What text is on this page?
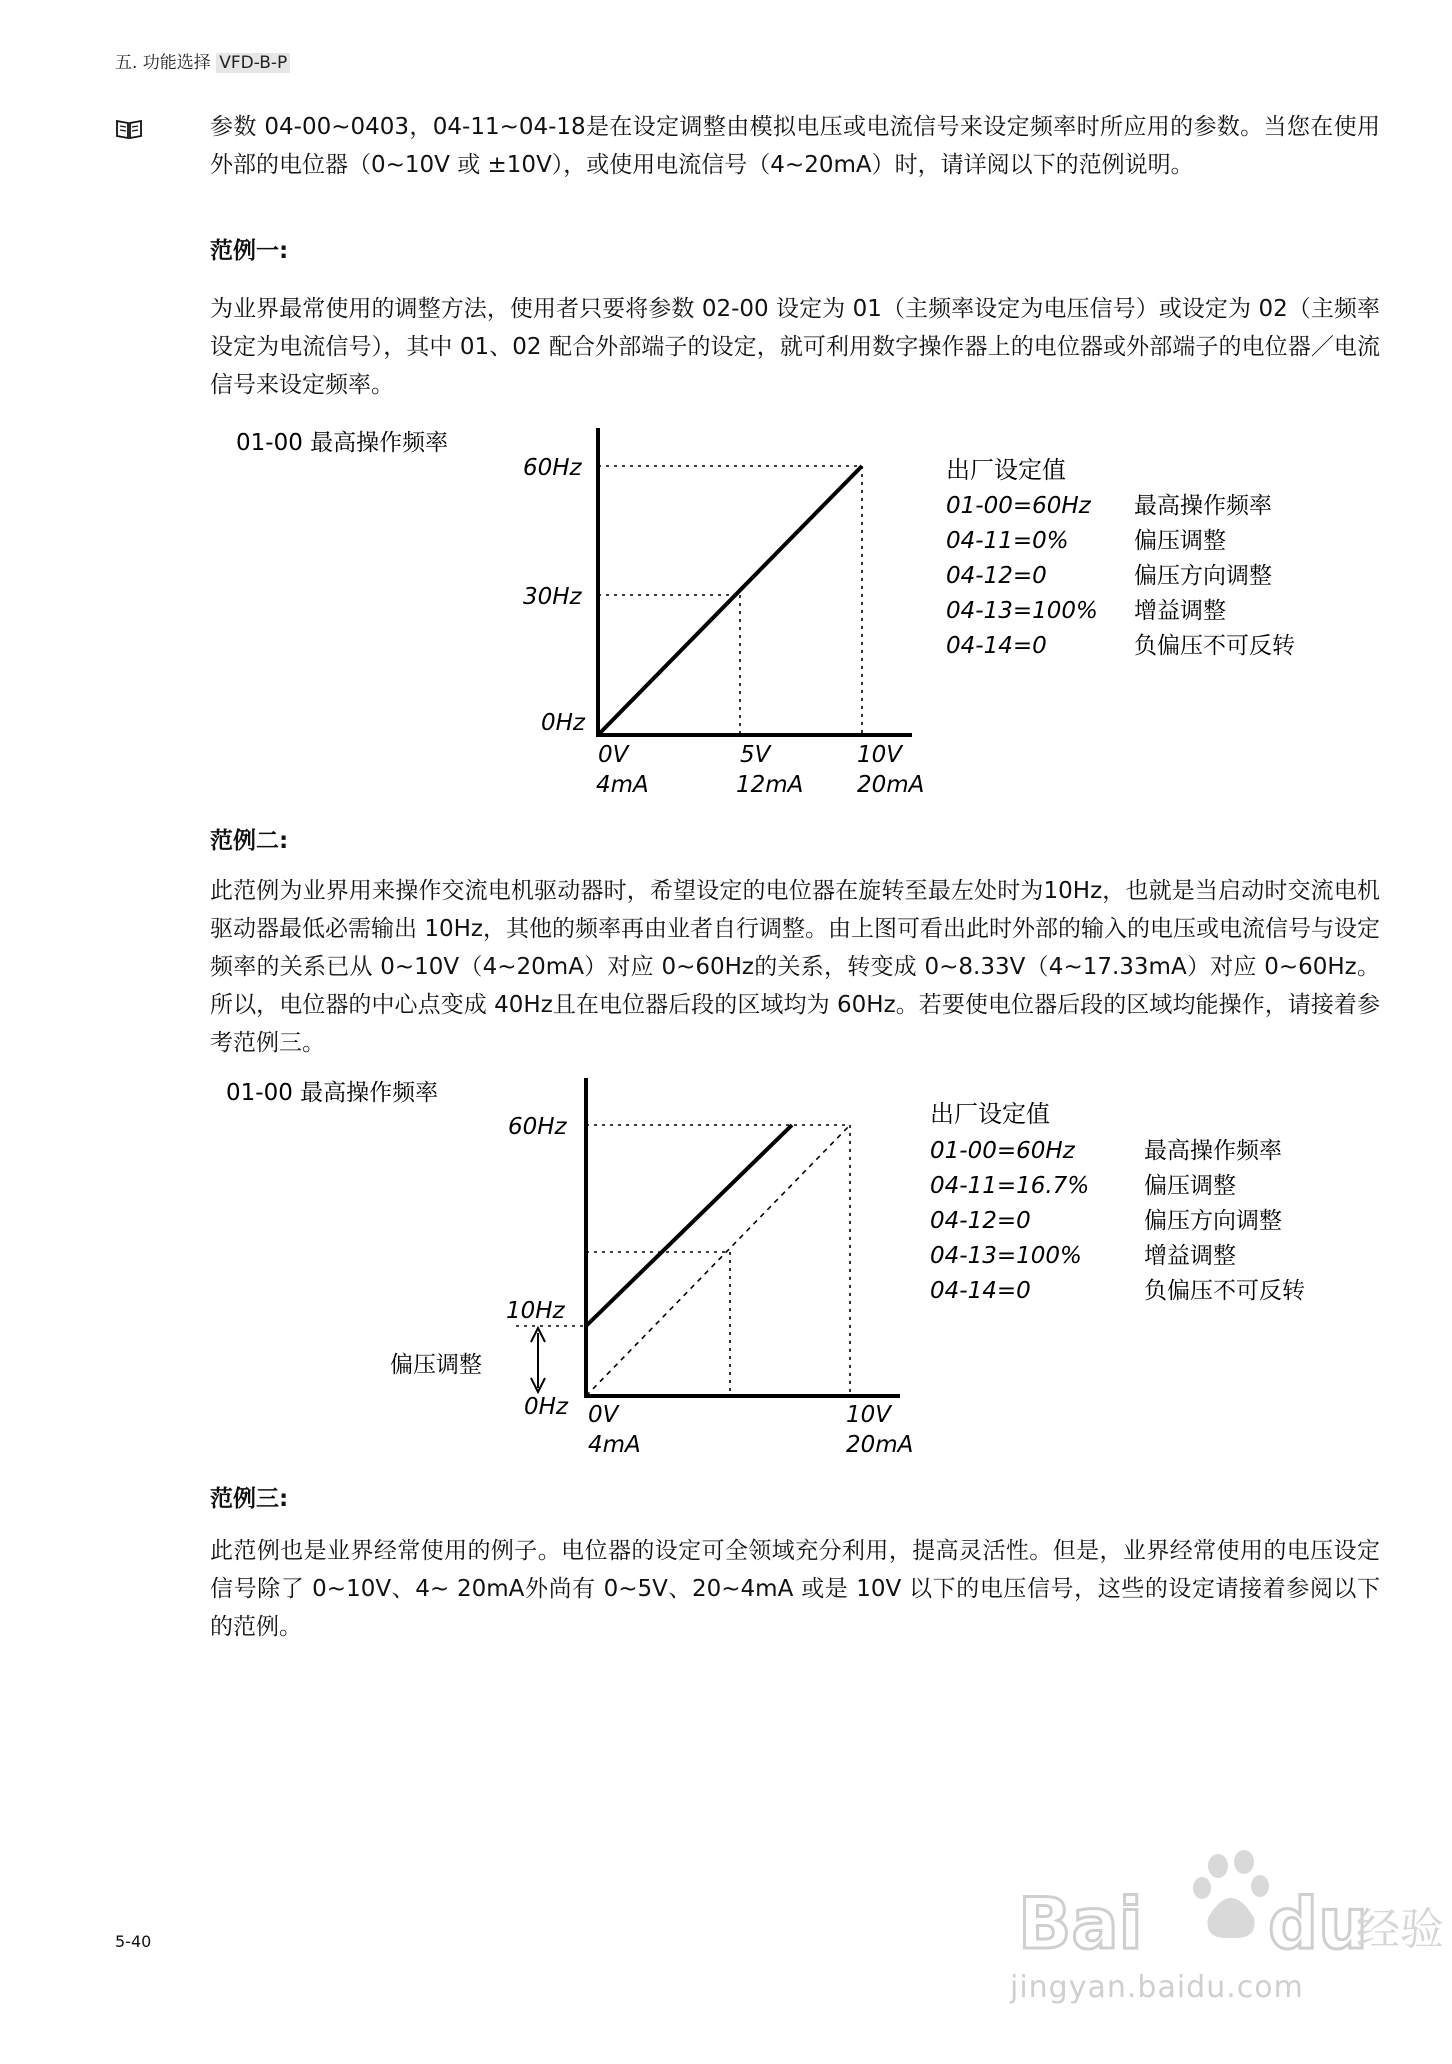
五. 功能选择 VFD-B-P
参数 04-00~0403，04-11~04-18是在设定调整由模拟电压或电流信号来设定频率时所应用的参数。当您在使用外部的电位器（0~10V 或 ±10V），或使用电流信号（4~20mA）时，请详阅以下的范例说明。
范例一:
为业界最常使用的调整方法，使用者只要将参数 02-00 设定为 01（主频率设定为电压信号）或设定为 02（主频率设定为电流信号），其中 01、02 配合外部端子的设定，就可利用数字操作器上的电位器或外部端子的电位器／电流信号来设定频率。
01-00 最高操作频率
60Hz
30Hz
0Hz
0V	5V	10V
4mA	12mA 20mA
出厂设定值
01-00=60Hz 最高操作频率
04-11=0%	偏压调整
04-12=0	偏压方向调整
04-13=100% 增益调整
04-14=0	负偏压不可反转
范例二:
此范例为业界用来操作交流电机驱动器时，希望设定的电位器在旋转至最左处时为10Hz，也就是当启动时交流电机驱动器最低必需输出 10Hz，其他的频率再由业者自行调整。由上图可看出此时外部的输入的电压或电流信号与设定频率的关系已从 0~10V（4~20mA）对应 0~60Hz的关系，转变成 0~8.33V（4~17.33mA）对应 0~60Hz。所以，电位器的中心点变成 40Hz且在电位器后段的区域均为 60Hz。若要使电位器后段的区域均能操作，请接着参考范例三。
01-00 最高操作频率
偏压调整
60Hz
10Hz
0Hz 0V	10V
4mA	20mA
出厂设定值
01-00=60Hz	最高操作频率
04-11=16.7% 偏压调整
04-12=0	偏压方向调整
04-13=100%	增益调整
04-14=0	负偏压不可反转
范例三:
此范例也是业界经常使用的例子。电位器的设定可全领域充分利用，提高灵活性。但是，业界经常使用的电压设定信号除了 0~10V、4~ 20mA外尚有 0~5V、20~4mA 或是 10V 以下的电压信号，这些的设定请接着参阅以下的范例。
Bai du
经验
jingyan.baidu.com
5-40
